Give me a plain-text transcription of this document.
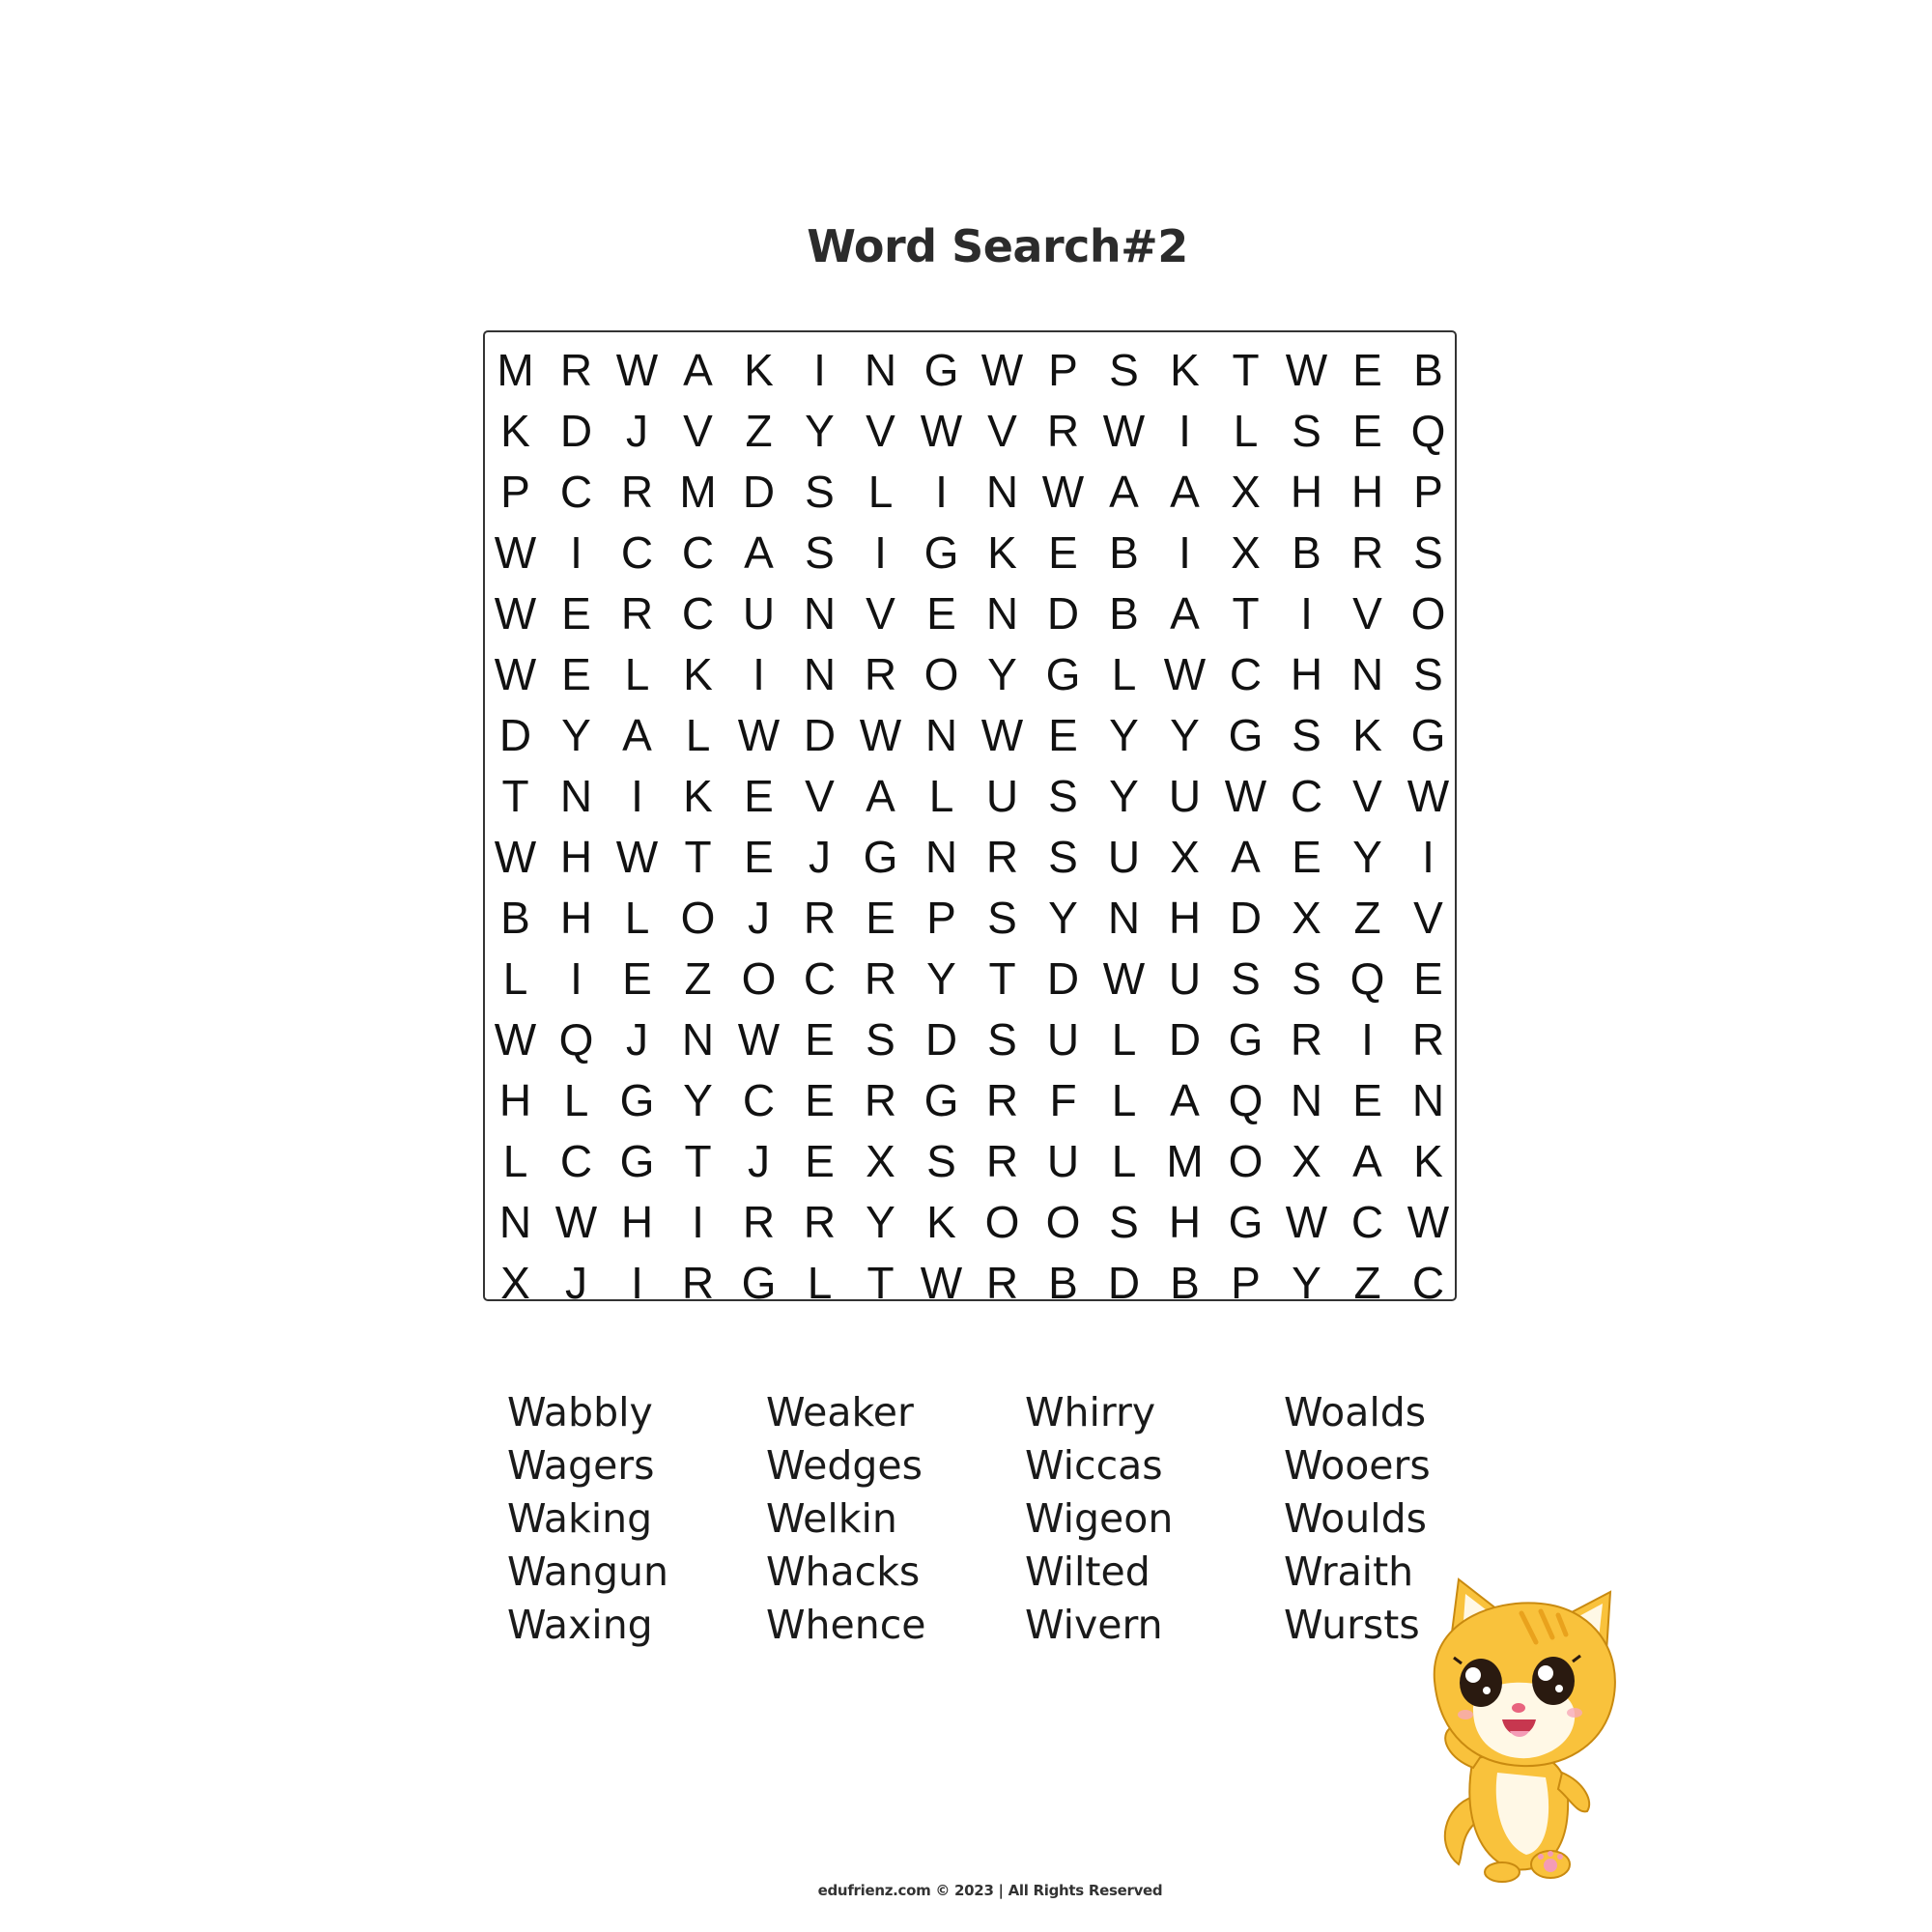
Word Search#2
M R W A K I N G W P S K T W E B
K D J V Z Y V W V R W I L S E Q
P C R M D S L I N W A A X H H P
W I C C A S I G K E B I X B R S
W E R C U N V E N D B A T I V O
W E L K I N R O Y G L W C H N S
D Y A L W D W N W E Y Y G S K G
T N I K E V A L U S Y U W C V W
W H W T E J G N R S U X A E Y I
B H L O J R E P S Y N H D X Z V
L I E Z O C R Y T D W U S S Q E
W Q J N W E S D S U L D G R I R
H L G Y C E R G R F L A Q N E N
L C G T J E X S R U L M O X A K
N W H I R R Y K O O S H G W C W
X J I R G L T W R B D B P Y Z C
Wabbly
Wagers
Waking
Wangun
Waxing
Weaker
Wedges
Welkin
Whacks
Whence
Whirry
Wiccas
Wigeon
Wilted
Wivern
Woalds
Wooers
Woulds
Wraith
Wursts
edufrienz.com © 2023 | All Rights Reserved
